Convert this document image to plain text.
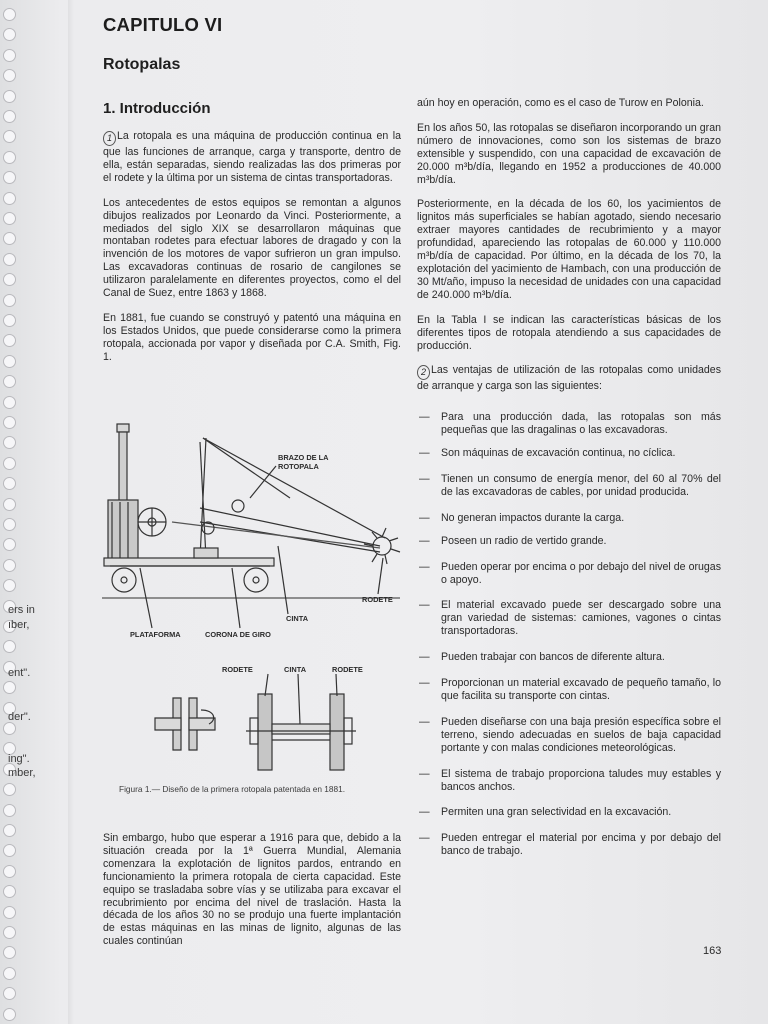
ers in
ıber,
ent".
der".
ing".
mber,
CAPITULO VI
Rotopalas
1. Introducción

1 La rotopala es una máquina de producción continua en la que las funciones de arranque, carga y transporte, dentro de ella, están separadas, siendo realizadas las dos primeras por el rodete y la última por un sistema de cintas transportadoras.

Los antecedentes de estos equipos se remontan a algunos dibujos realizados por Leonardo da Vinci. Posteriormente, a mediados del siglo XIX se desarrollaron máquinas que montaban rodetes para efectuar labores de dragado y con la invención de los motores de vapor sufrieron un gran impulso. Las excavadoras continuas de rosario de cangilones se utilizaron paralelamente en diferentes proyectos, como el del Canal de Suez, entre 1863 y 1868.

En 1881, fue cuando se construyó y patentó una máquina en los Estados Unidos, que puede considerarse como la primera rotopala, accionada por vapor y diseñada por C.A. Smith, Fig. 1.

BRAZO DE LA
ROTOPALA
RODETE
CINTA
PLATAFORMA	CORONA DE GIRO
RODETE	CINTA	RODETE
Figura 1.— Diseño de la primera rotopala patentada en 1881.

Sin embargo, hubo que esperar a 1916 para que, debido a la situación creada por la 1ª Guerra Mundial, Alemania comenzara la explotación de lignitos pardos, entrando en funcionamiento la primera rotopala de cierta capacidad. Este equipo se trasladaba sobre vías y se utilizaba para excavar el recubrimiento por encima del nivel de traslación. Hasta la década de los años 30 no se produjo una fuerte implantación de estas máquinas en las minas de lignito, algunas de las cuales continúan

aún hoy en operación, como es el caso de Turow en Polonia.

En los años 50, las rotopalas se diseñaron incorporando un gran número de innovaciones, como son los sistemas de brazo extensible y suspendido, con una capacidad de excavación de 20.000 m³b/día, llegando en 1952 a producciones de 40.000 m³b/día.

Posteriormente, en la década de los 60, los yacimientos de lignitos más superficiales se habían agotado, siendo necesario extraer mayores cantidades de recubrimiento y a mayor profundidad, apareciendo las rotopalas de 60.000 y 110.000 m³b/día de capacidad. Por último, en la década de los 70, la explotación del yacimiento de Hambach, con una producción de 30 Mt/año, impuso la necesidad de unidades con una capacidad de 240.000 m³b/día.

En la Tabla I se indican las características básicas de los diferentes tipos de rotopala atendiendo a sus capacidades de producción.

2 Las ventajas de utilización de las rotopalas como unidades de arranque y carga son las siguientes:

— Para una producción dada, las rotopalas son más pequeñas que las dragalinas o las excavadoras.
— Son máquinas de excavación continua, no cíclica.
— Tienen un consumo de energía menor, del 60 al 70% del de las excavadoras de cables, por unidad producida.
— No generan impactos durante la carga.
— Poseen un radio de vertido grande.
— Pueden operar por encima o por debajo del nivel de orugas o apoyo.
— El material excavado puede ser descargado sobre una gran variedad de sistemas: camiones, vagones o cintas transportadoras.
— Pueden trabajar con bancos de diferente altura.
— Proporcionan un material excavado de pequeño tamaño, lo que facilita su transporte con cintas.
— Pueden diseñarse con una baja presión específica sobre el terreno, siendo adecuadas en suelos de baja capacidad portante y con malas condiciones meteorológicas.
— El sistema de trabajo proporciona taludes muy estables y bancos anchos.
— Permiten una gran selectividad en la excavación.
— Pueden entregar el material por encima y por debajo del banco de trabajo.
163
